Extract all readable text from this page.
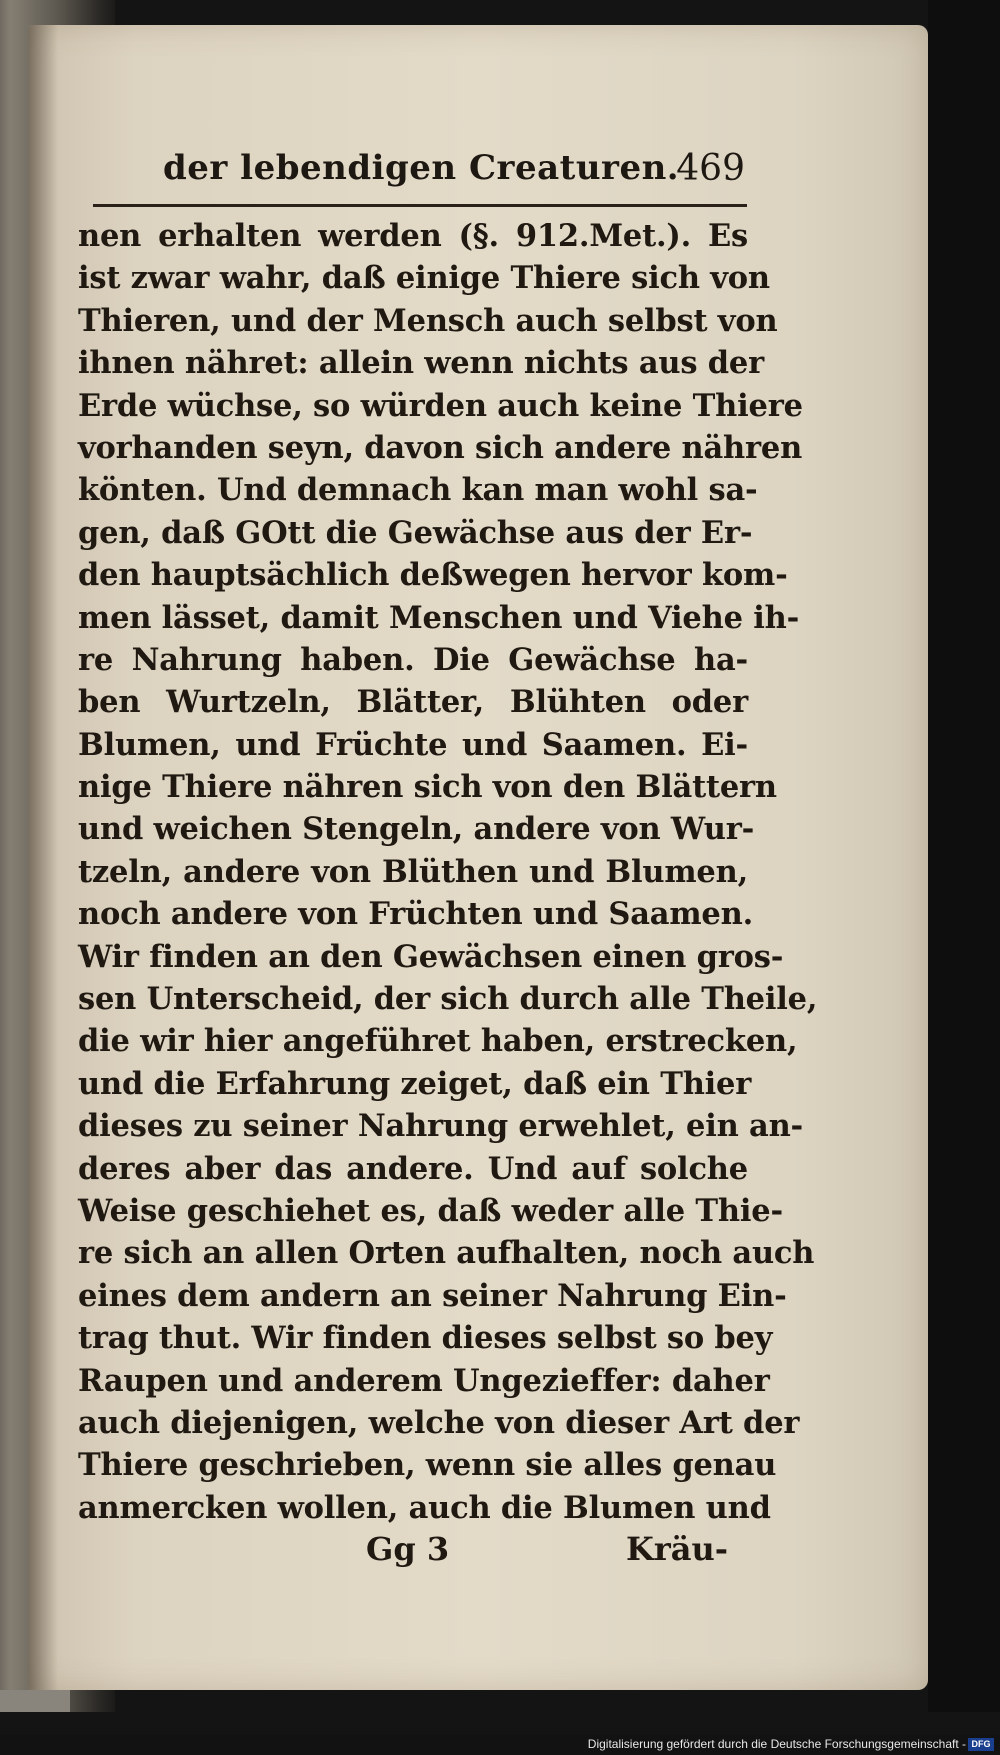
der lebendigen Creaturen.
469
nen erhalten werden (§. 912.Met.). Es
ist zwar wahr, daß einige Thiere sich von
Thieren, und der Mensch auch selbst von
ihnen nähret: allein wenn nichts aus der
Erde wüchse, so würden auch keine Thiere
vorhanden seyn, davon sich andere nähren
könten. Und demnach kan man wohl sa-
gen, daß GOtt die Gewächse aus der Er-
den hauptsächlich deßwegen hervor kom-
men lässet, damit Menschen und Viehe ih-
re Nahrung haben. Die Gewächse ha-
ben Wurtzeln, Blätter, Blühten oder
Blumen, und Früchte und Saamen. Ei-
nige Thiere nähren sich von den Blättern
und weichen Stengeln, andere von Wur-
tzeln, andere von Blüthen und Blumen,
noch andere von Früchten und Saamen.
Wir finden an den Gewächsen einen gros-
sen Unterscheid, der sich durch alle Theile,
die wir hier angeführet haben, erstrecken,
und die Erfahrung zeiget, daß ein Thier
dieses zu seiner Nahrung erwehlet, ein an-
deres aber das andere. Und auf solche
Weise geschiehet es, daß weder alle Thie-
re sich an allen Orten aufhalten, noch auch
eines dem andern an seiner Nahrung Ein-
trag thut. Wir finden dieses selbst so bey
Raupen und anderem Ungezieffer: daher
auch diejenigen, welche von dieser Art der
Thiere geschrieben, wenn sie alles genau
anmercken wollen, auch die Blumen und
Gg 3	Kräu-
Digitalisierung gefördert durch die Deutsche Forschungsgemeinschaft - DFG
